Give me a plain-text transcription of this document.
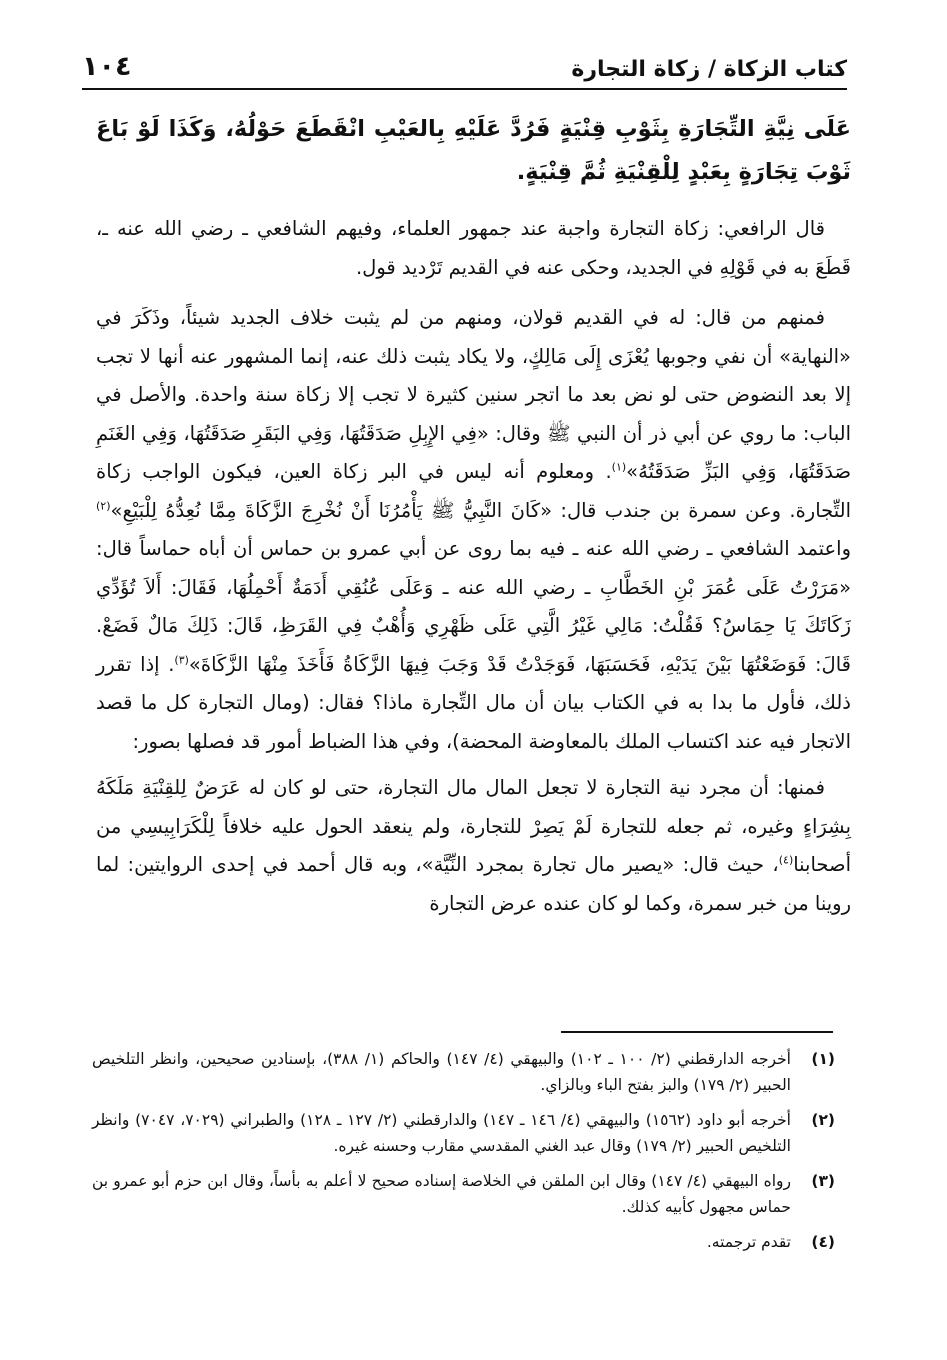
كتاب الزكاة / زكاة التجارة
١٠٤

عَلَى نِيَّةِ التِّجَارَةِ بِثَوْبِ قِنْيَةٍ فَرُدَّ عَلَيْهِ بِالعَيْبِ انْقَطَعَ حَوْلُهُ، وَكَذَا لَوْ بَاعَ ثَوْبَ تِجَارَةٍ بِعَبْدٍ لِلْقِنْيَةِ ثُمَّ قِنْيَةٍ.

قال الرافعي: زكاة التجارة واجبة عند جمهور العلماء، وفيهم الشافعي ـ رضي الله عنه ـ، قَطَعَ به في قَوْلِهِ في الجديد، وحكى عنه في القديم تَرْديد قول.

فمنهم من قال: له في القديم قولان، ومنهم من لم يثبت خلاف الجديد شيئاً، وذَكَرَ في «النهاية» أن نفي وجوبها يُعْزَى إِلَى مَالِكٍ، ولا يكاد يثبت ذلك عنه، إنما المشهور عنه أنها لا تجب إلا بعد النضوض حتى لو نض بعد ما اتجر سنين كثيرة لا تجب إلا زكاة سنة واحدة. والأصل في الباب: ما روي عن أبي ذر أن النبي ﷺ وقال: «فِي الإِبِلِ صَدَقَتُهَا، وَفِي البَقَرِ صَدَقَتُهَا، وَفِي الغَنَمِ صَدَقَتُهَا، وَفِي البَزِّ صَدَقَتُهُ»$^{(١)}$. ومعلوم أنه ليس في البر زكاة العين، فيكون الواجب زكاة التِّجارة. وعن سمرة بن جندب قال: «كَانَ النَّبِيُّ ﷺ يَأْمُرُنَا أَنْ نُخْرِجَ الزَّكَاةَ مِمَّا نُعِدُّهُ لِلْبَيْعِ»$^{(٢)}$ واعتمد الشافعي ـ رضي الله عنه ـ فيه بما روى عن أبي عمرو بن حماس أن أباه حماساً قال: «مَرَرْتُ عَلَى عُمَرَ بْنِ الخَطَّابِ ـ رضي الله عنه ـ وَعَلَى عُنُقِي أَدَمَةٌ أَحْمِلُهَا، فَقَالَ: أَلاَ تُؤَدِّي زَكَاتَكَ يَا حِمَاسُ؟ فَقُلْتُ: مَالِي غَيْرُ الَّتِي عَلَى ظَهْرِي وَأُهْبٌ فِي القَرَظِ، قَالَ: ذَلِكَ مَالٌ فَضَعْ. قَالَ: فَوَضَعْتُهَا بَيْنَ يَدَيْهِ، فَحَسَبَهَا، فَوَجَدْتُ قَدْ وَجَبَ فِيهَا الزَّكَاةُ فَأَخَذَ مِنْهَا الزَّكَاةَ»$^{(٣)}$. إذا تقرر ذلك، فأول ما بدا به في الكتاب بيان أن مال التِّجارة ماذا؟ فقال: (ومال التجارة كل ما قصد الاتجار فيه عند اكتساب الملك بالمعاوضة المحضة)، وفي هذا الضباط أمور قد فصلها بصور:

فمنها: أن مجرد نية التجارة لا تجعل المال مال التجارة، حتى لو كان له عَرَضٌ لِلقِنْيَةِ مَلَكَهُ بِشِرَاءٍ وغيره، ثم جعله للتجارة لَمْ يَصِرْ للتجارة، ولم ينعقد الحول عليه خلافاً لِلْكَرَابِيسِي من أصحابنا$^{(٤)}$، حيث قال: «يصير مال تجارة بمجرد النِّيَّة»، وبه قال أحمد في إحدى الروايتين: لما روينا من خبر سمرة، وكما لو كان عنده عرض التجارة

(١)
أخرجه الدارقطني (٢/ ١٠٠ ـ ١٠٢) والبيهقي (٤/ ١٤٧) والحاكم (١/ ٣٨٨)، بإسنادين صحيحين، وانظر التلخيص الحبير (٢/ ١٧٩) والبز بفتح الباء وبالزاي.
(٢)
أخرجه أبو داود (١٥٦٢) والبيهقي (٤/ ١٤٦ ـ ١٤٧) والدارقطني (٢/ ١٢٧ ـ ١٢٨) والطبراني (٧٠٢٩، ٧٠٤٧) وانظر التلخيص الحبير (٢/ ١٧٩) وقال عبد الغني المقدسي مقارب وحسنه غيره.
(٣)
رواه البيهقي (٤/ ١٤٧) وقال ابن الملقن في الخلاصة إسناده صحيح لا أعلم به بأساً، وقال ابن حزم أبو عمرو بن حماس مجهول كأبيه كذلك.
(٤)
تقدم ترجمته.
